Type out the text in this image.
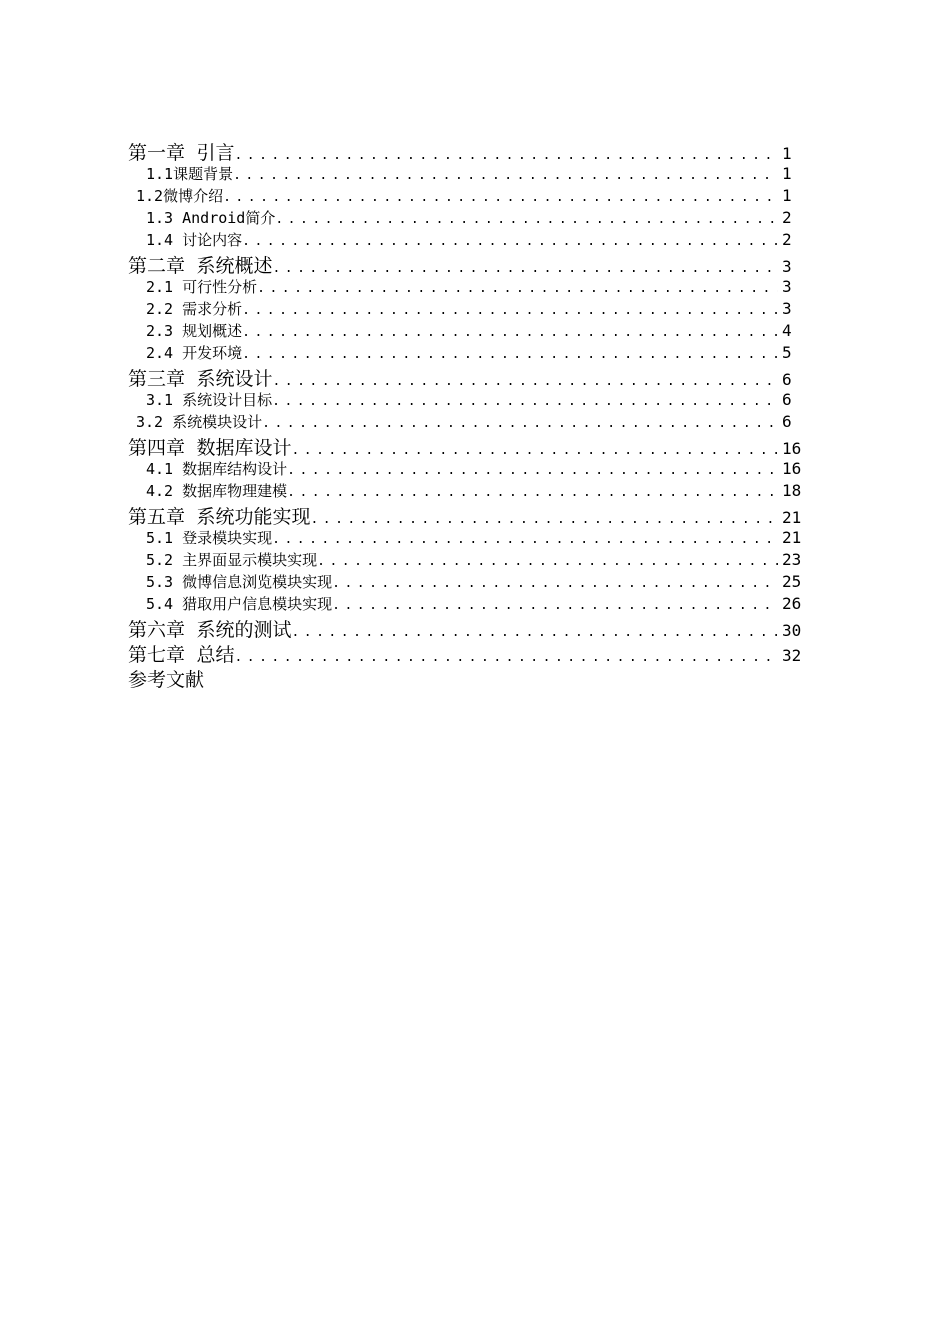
第一章 引言 .....	1
1.1课题背景 .....	1
1.2微博介绍 .....	1
1.3 Android简介 .....	2
1.4 讨论内容 .....	2
第二章 系统概述 .....	3
2.1 可行性分析 .....	3
2.2 需求分析 .....	3
2.3 规划概述 .....	4
2.4 开发环境 .....	5
第三章 系统设计 .....	6
3.1 系统设计目标 .....	6
3.2 系统模块设计 .....	6
第四章 数据库设计 .....	16
4.1 数据库结构设计 .....	16
4.2 数据库物理建模 .....	18
第五章 系统功能实现 .....	21
5.1 登录模块实现 .....	21
5.2 主界面显示模块实现 .....	23
5.3 微博信息浏览模块实现 .....	25
5.4 猎取用户信息模块实现 .....	26
第六章 系统的测试 .....	30
第七章 总结 .....	32
参考文献
